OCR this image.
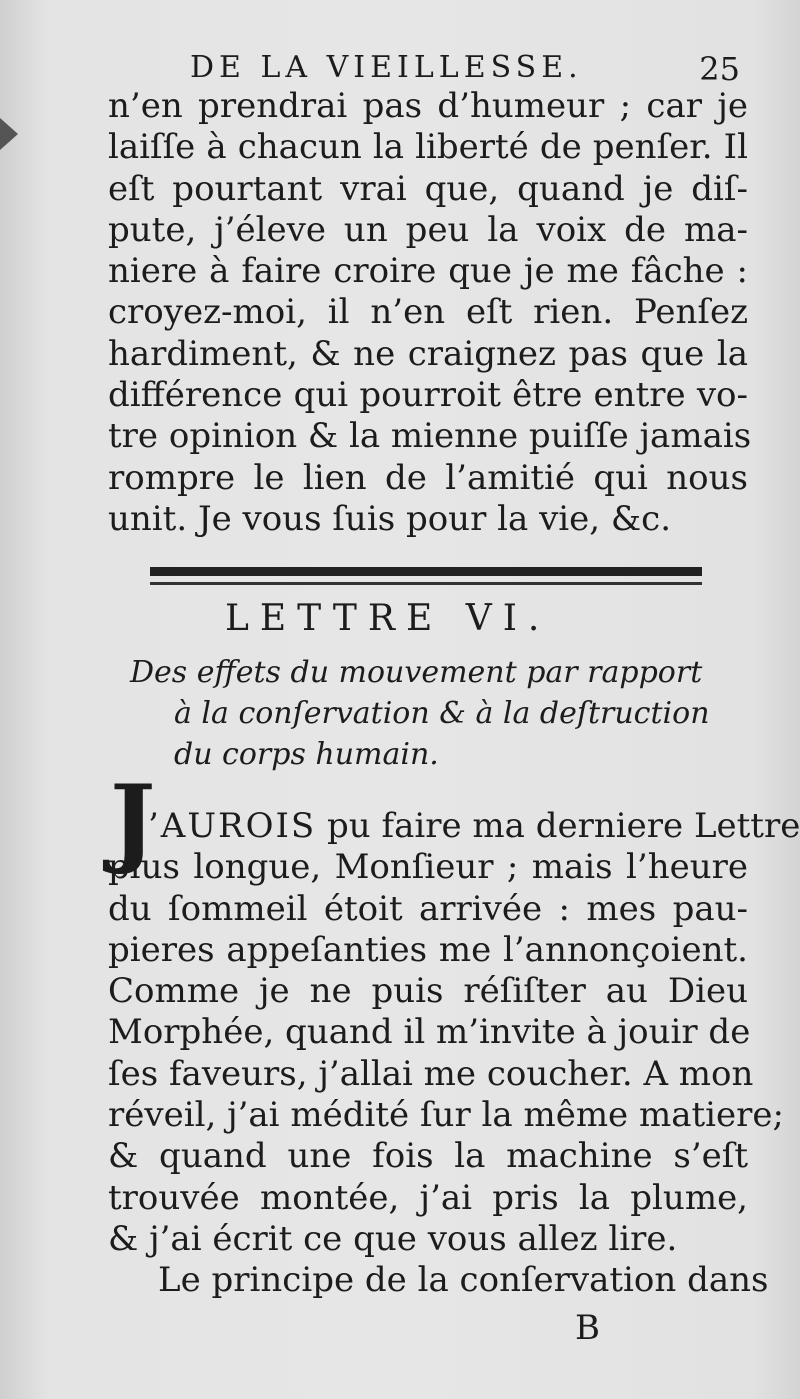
DE LA VIEILLESSE.	25
n’en prendrai pas d’humeur ; car je
laiſſe à chacun la liberté de penſer. Il
eſt pourtant vrai que, quand je diſ-
pute, j’éleve un peu la voix de ma-
niere à faire croire que je me fâche :
croyez-moi, il n’en eſt rien. Penſez
hardiment, & ne craignez pas que la
différence qui pourroit être entre vo-
tre opinion & la mienne puiſſe jamais
rompre le lien de l’amitié qui nous
unit. Je vous ſuis pour la vie, &c.
LETTRE VI.
Des effets du mouvement par rapport
à la conſervation & à la deſtruction
du corps humain.
J
’AUROIS pu faire ma derniere Lettre
plus longue, Monſieur ; mais l’heure
du ſommeil étoit arrivée : mes pau-
pieres appeſanties me l’annonçoient.
Comme je ne puis réſiſter au Dieu
Morphée, quand il m’invite à jouir de
ſes faveurs, j’allai me coucher. A mon
réveil, j’ai médité ſur la même matiere;
& quand une fois la machine s’eſt
trouvée montée, j’ai pris la plume,
& j’ai écrit ce que vous allez lire.
Le principe de la conſervation dans
B
